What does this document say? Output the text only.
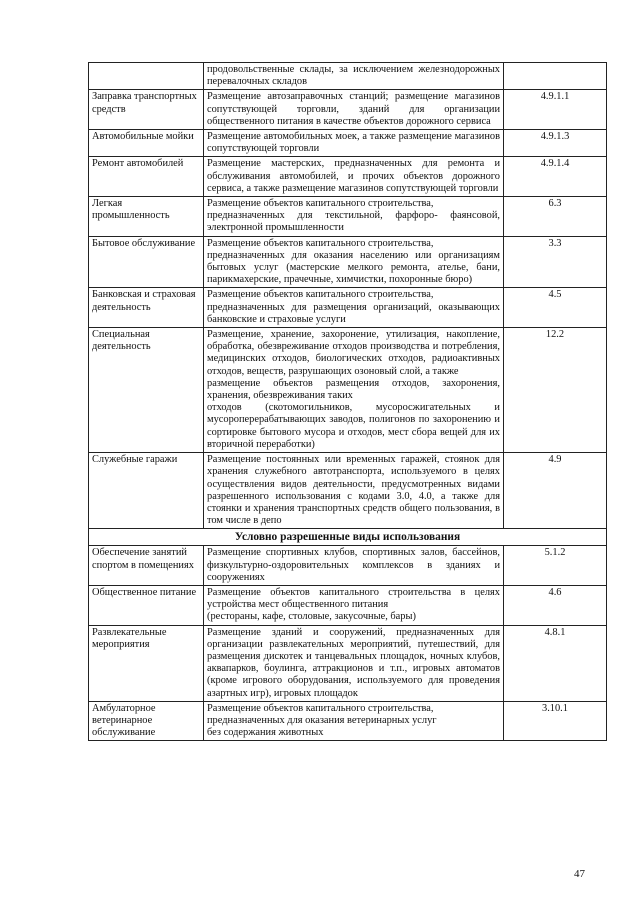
	продовольственные склады, за исключением железнодорожных перевалочных складов	

Заправка транспортных средств	Размещение автозаправочных станций; размещение магазинов сопутствующей торговли, зданий для организации общественного питания в качестве объектов дорожного сервиса	4.9.1.1
Автомобильные мойки	Размещение автомобильных моек, а также размещение магазинов сопутствующей торговли	4.9.1.3
Ремонт автомобилей	Размещение мастерских, предназначенных для ремонта и обслуживания автомобилей, и прочих объектов дорожного сервиса, а также размещение магазинов сопутствующей торговли	4.9.1.4
Легкая промышленность	Размещение объектов капитального строительства,
предназначенных для текстильной, фарфоро- фаянсовой, электронной промышленности	6.3
Бытовое обслуживание	Размещение объектов капитального строительства,
предназначенных для оказания населению или организациям бытовых услуг (мастерские мелкого ремонта, ателье, бани, парикмахерские, прачечные, химчистки, похоронные бюро)	3.3
Банковская и страховая деятельность	Размещение объектов капитального строительства,
предназначенных для размещения организаций, оказывающих банковские и страховые услуги	4.5
Специальная деятельность	Размещение, хранение, захоронение, утилизация, накопление, обработка, обезвреживание отходов производства и потребления, медицинских отходов, биологических отходов, радиоактивных отходов, веществ, разрушающих озоновый слой, а также
размещение объектов размещения отходов, захоронения, хранения, обезвреживания таких
отходов (скотомогильников, мусоросжигательных и мусороперерабатывающих заводов, полигонов по захоронению и сортировке бытового мусора и отходов, мест сбора вещей для их вторичной переработки)	12.2
Служебные гаражи	Размещение постоянных или временных гаражей, стоянок для хранения служебного автотранспорта, используемого в целях осуществления видов деятельности, предусмотренных видами разрешенного использования с кодами 3.0, 4.0, а также для стоянки и хранения транспортных средств общего пользования, в том числе в депо	4.9
Условно разрешенные виды использования		
Обеспечение занятий спортом в помещениях	Размещение спортивных клубов, спортивных залов, бассейнов, физкультурно-оздоровительных комплексов в зданиях и сооружениях	5.1.2
Общественное питание	Размещение объектов капитального строительства в целях устройства мест общественного питания
(рестораны, кафе, столовые, закусочные, бары)	4.6
Развлекательные мероприятия	Размещение зданий и сооружений, предназначенных для организации развлекательных мероприятий, путешествий, для размещения дискотек и танцевальных площадок, ночных клубов, аквапарков, боулинга, аттракционов и т.п., игровых автоматов (кроме игрового оборудования, используемого для проведения азартных игр), игровых площадок	4.8.1
Амбулаторное ветеринарное обслуживание	Размещение объектов капитального строительства,
предназначенных для оказания ветеринарных услуг
без содержания животных	3.10.1
47
